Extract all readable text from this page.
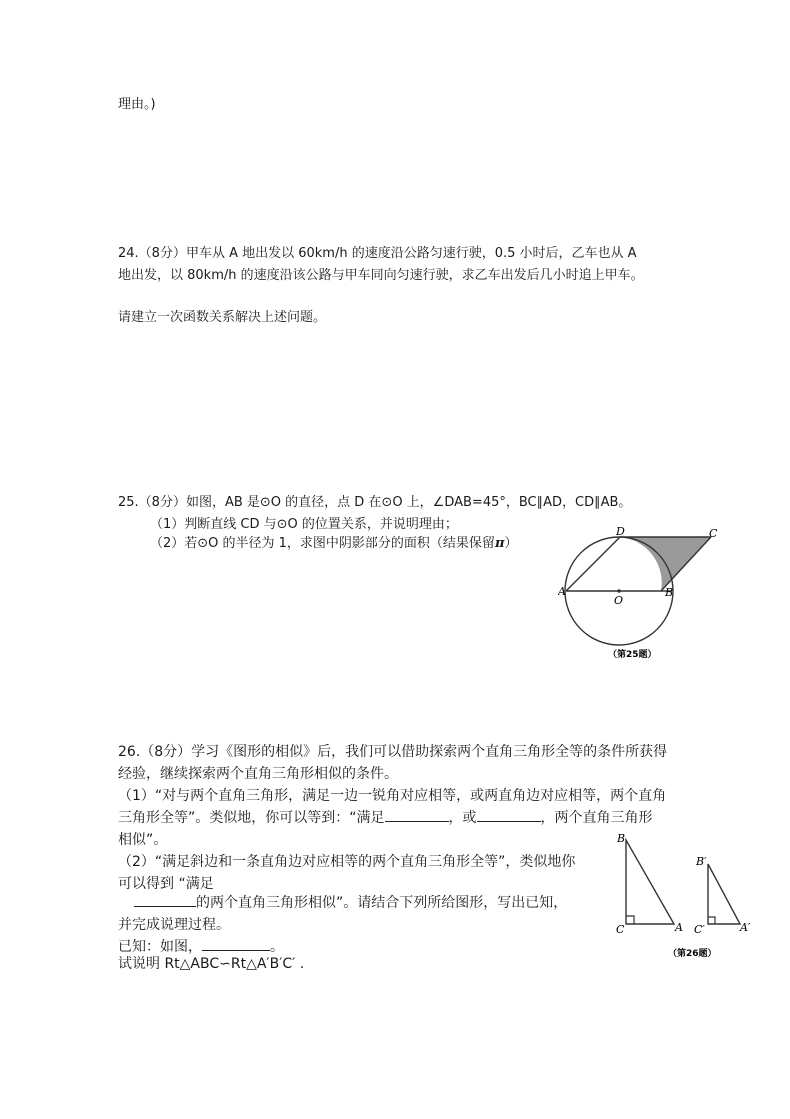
理由。)
24.（8分）甲车从 A 地出发以 60km/h 的速度沿公路匀速行驶，0.5 小时后，乙车也从 A
地出发，以 80km/h 的速度沿该公路与甲车同向匀速行驶，求乙车出发后几小时追上甲车。
请建立一次函数关系解决上述问题。
25.（8分）如图，AB 是⊙O 的直径，点 D 在⊙O 上，∠DAB=45°，BC∥AD，CD∥AB。
（1）判断直线 CD 与⊙O 的位置关系，并说明理由；
（2）若⊙O 的半径为 1，求图中阴影部分的面积（结果保留π）
A	B
C
D
O
（第25题）
26.（8分）学习《图形的相似》后，我们可以借助探索两个直角三角形全等的条件所获得
经验，继续探索两个直角三角形相似的条件。
（1）“对与两个直角三角形，满足一边一锐角对应相等，或两直角边对应相等，两个直角
三角形全等”。类似地，你可以等到：“满足	，或	，两个直角三角形
相似”。
（2）“满足斜边和一条直角边对应相等的两个直角三角形全等”，类似地你
可以得到 “满足
的两个直角三角形相似”。请结合下列所给图形，写出已知，
并完成说理过程。
已知：如图，	。
试说明 Rt△ABC∽Rt△A′B′C′ .
B
C	A
B′
C′	A′
（第26题）
